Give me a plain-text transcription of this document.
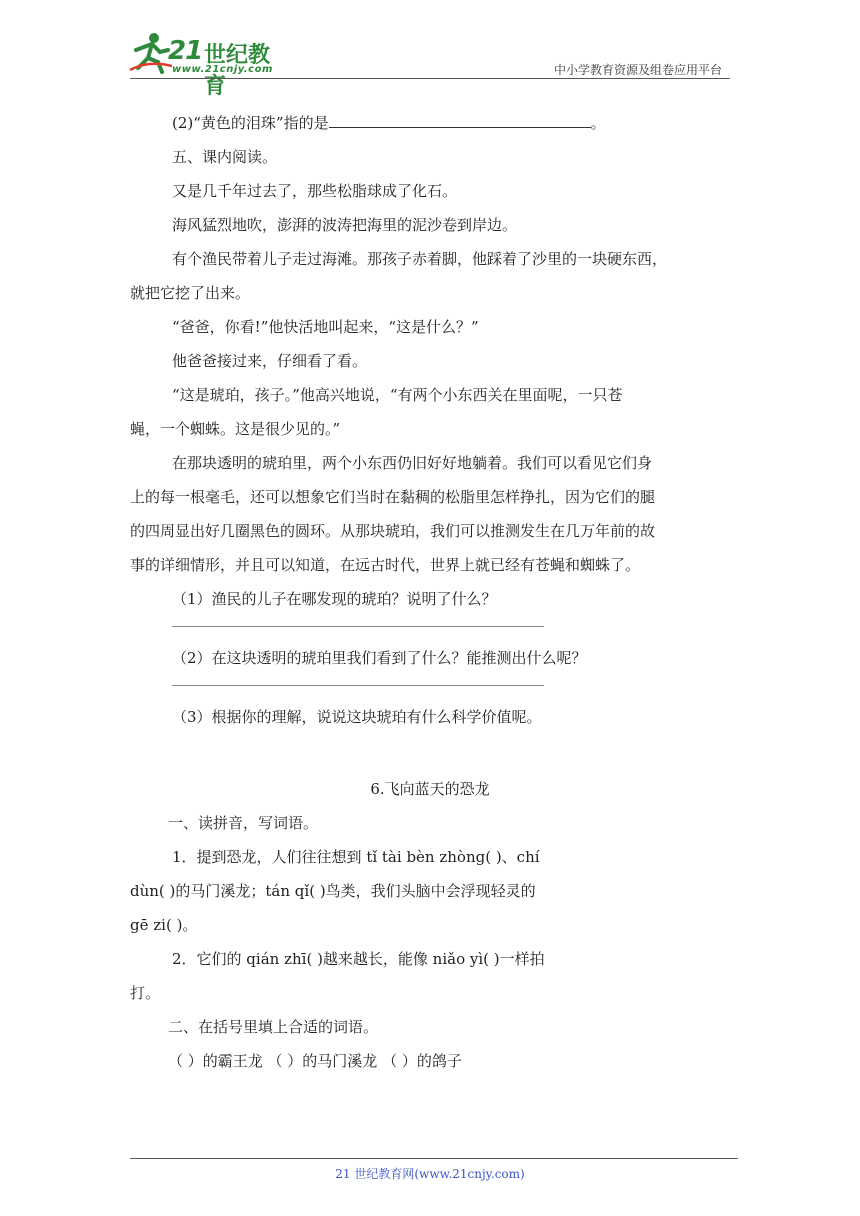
21 世纪教育
www.21cnjy.com	中小学教育资源及组卷应用平台

(2)“黄色的泪珠”指的是	。

五、课内阅读。

又是几千年过去了，那些松脂球成了化石。

海风猛烈地吹，澎湃的波涛把海里的泥沙卷到岸边。

有个渔民带着儿子走过海滩。那孩子赤着脚，他踩着了沙里的一块硬东西，

就把它挖了出来。

“爸爸，你看!”他快活地叫起来，“这是什么？”

他爸爸接过来，仔细看了看。

“这是琥珀，孩子。”他高兴地说，“有两个小东西关在里面呢，一只苍

蝇，一个蜘蛛。这是很少见的。”

在那块透明的琥珀里，两个小东西仍旧好好地躺着。我们可以看见它们身

上的每一根毫毛，还可以想象它们当时在黏稠的松脂里怎样挣扎，因为它们的腿

的四周显出好几圈黑色的圆环。从那块琥珀，我们可以推测发生在几万年前的故

事的详细情形，并且可以知道，在远古时代，世界上就已经有苍蝇和蜘蛛了。

（1）渔民的儿子在哪发现的琥珀？说明了什么？

（2）在这块透明的琥珀里我们看到了什么？能推测出什么呢？

（3）根据你的理解，说说这块琥珀有什么科学价值呢。

6.飞向蓝天的恐龙

一、读拼音，写词语。

1．提到恐龙，人们往往想到 tǐ tài bèn zhòng( )、chí

dùn( )的马门溪龙；tán qǐ( )鸟类，我们头脑中会浮现轻灵的

gē zi( )。

2．它们的 qián zhī( )越来越长，能像 niǎo yì( )一样拍

打。

二、在括号里填上合适的词语。

（ ）的霸王龙 （ ）的马门溪龙 （ ）的鸽子

21 世纪教育网(www.21cnjy.com)
